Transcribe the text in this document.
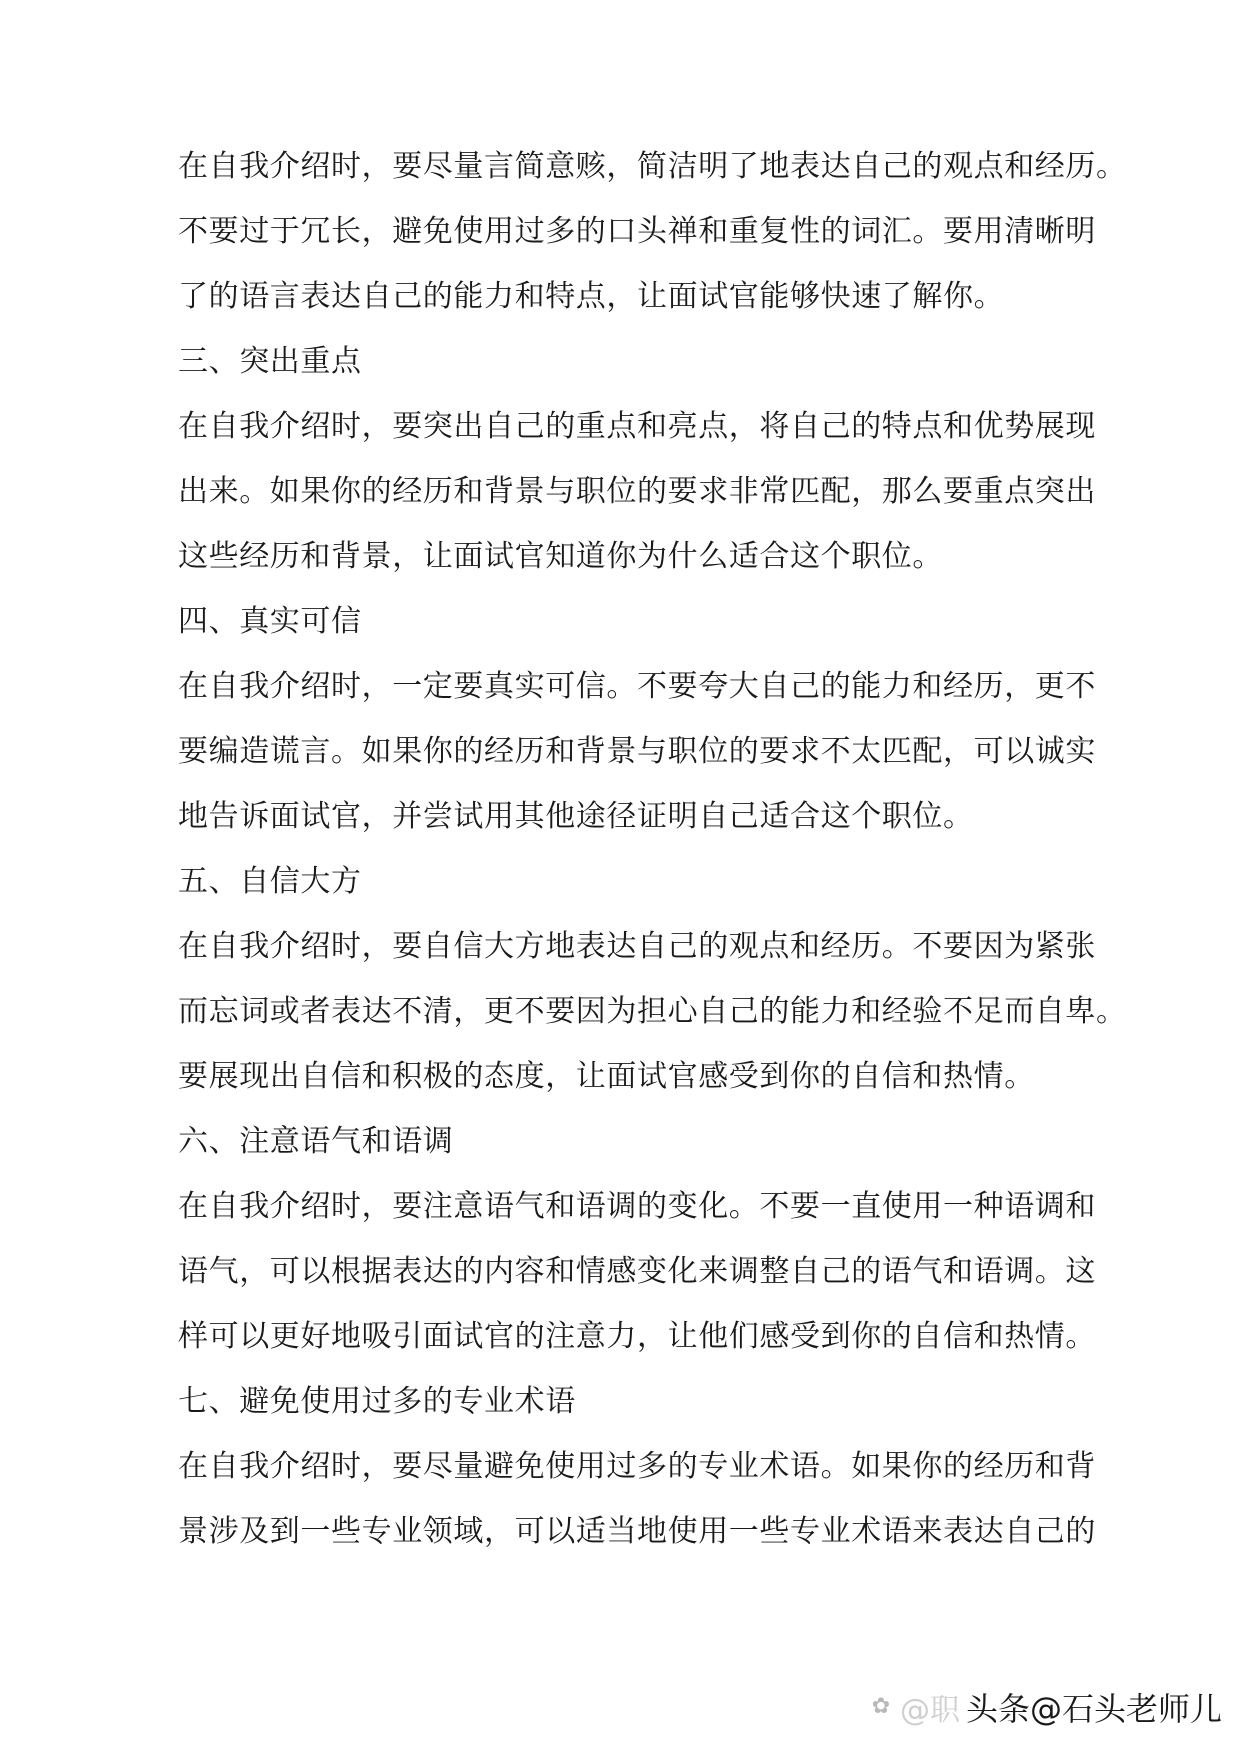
在自我介绍时，要尽量言简意赅，简洁明了地表达自己的观点和经历。

不要过于冗长，避免使用过多的口头禅和重复性的词汇。要用清晰明

了的语言表达自己的能力和特点，让面试官能够快速了解你。

三、突出重点

在自我介绍时，要突出自己的重点和亮点，将自己的特点和优势展现

出来。如果你的经历和背景与职位的要求非常匹配，那么要重点突出

这些经历和背景，让面试官知道你为什么适合这个职位。

四、真实可信

在自我介绍时，一定要真实可信。不要夸大自己的能力和经历，更不

要编造谎言。如果你的经历和背景与职位的要求不太匹配，可以诚实

地告诉面试官，并尝试用其他途径证明自己适合这个职位。

五、自信大方

在自我介绍时，要自信大方地表达自己的观点和经历。不要因为紧张

而忘词或者表达不清，更不要因为担心自己的能力和经验不足而自卑。

要展现出自信和积极的态度，让面试官感受到你的自信和热情。

六、注意语气和语调

在自我介绍时，要注意语气和语调的变化。不要一直使用一种语调和

语气，可以根据表达的内容和情感变化来调整自己的语气和语调。这

样可以更好地吸引面试官的注意力，让他们感受到你的自信和热情。

七、避免使用过多的专业术语

在自我介绍时，要尽量避免使用过多的专业术语。如果你的经历和背

景涉及到一些专业领域，可以适当地使用一些专业术语来表达自己的

✿ @职 头条@石头老师儿
